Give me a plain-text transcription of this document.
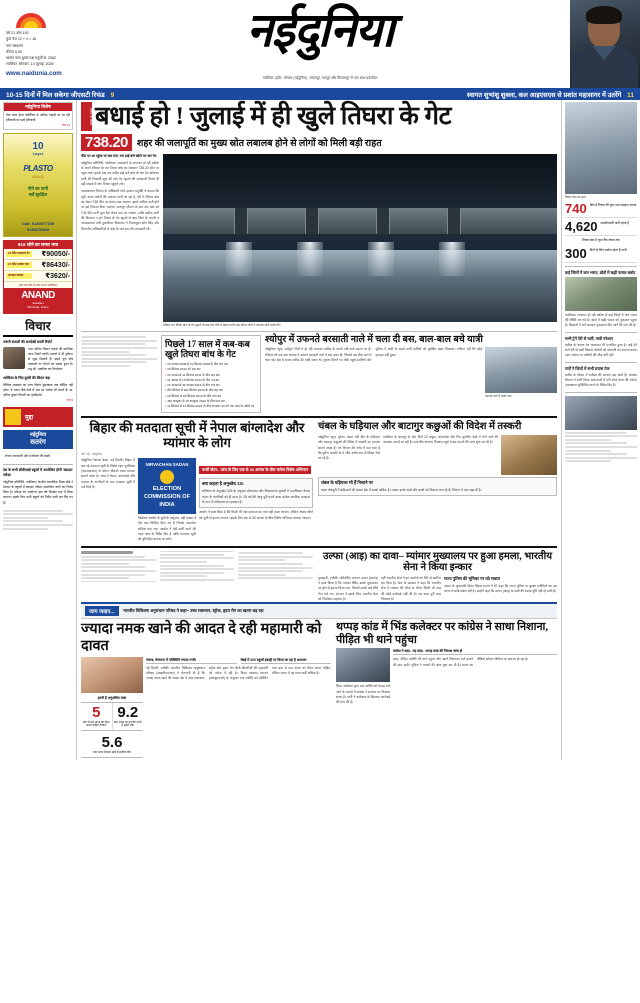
वर्ष 21 अंक 192
कुल पेज 12 + 4 = 16
नगर संस्करण
कीमत 5.00
श्रावण मास शुक्ल पक्ष चतुर्थी सं. 2082
ग्वालियर, सोमवार, 14 जुलाई, 2025
www.naidunia.com
नईदुनिया
ग्वालियर, इंदौर, भोपाल (नईदुनिया), जबलपुर, रायपुर और बिलासपुर से एक साथ प्रकाशित
10-15 दिनों में मिल सकेगा जीएसटी रिफंड 9	स्वागत शुभांशु शुक्ला, कल आइएसएस से प्रशांत महासागर में उतरेंगे 11
नईदुनिया विशेष
गीत कला हेल्थ क्लीनिक से अधिक पहाड़ी पर आ रही हरियाली पर छाई हरियाली
पेज 12
10
Layer
PLASTO
GOLD
पीने का पानी
सर्वे सुरक्षित
Call: 9130077155
9130076942
916 सोने का सच्चा भाव
22 कैरेट साधारण रेट	₹90050/-
22 कैरेट अच्छा भाव	₹86430/-
आपका फायदा	₹3620/-
सभी भाव प्रति 10 ग्राम (GST अतिरिक्त)
ANAND
Jewellers
MG Road, Indore
विचार
जरूरी सवालों की अनदेखी करती रिपोर्ट
एअर इंडिया विमान हादसे की प्रारंभिक जांच रिपोर्ट काफी मायनों में ही दुर्घटना से जुड़ा दिखती है। इसमें पूरा दोष पायलटों पर थोपने का प्रयास हुआ है। प्रभु सी. चावरिया का विश्लेषण
अमेरिका के लिए दूसरी की कीमत बड़ा
वैश्विक व्यवस्था का उत्तर विरोध मुकाबला तक सीमित नहीं होगा। वे भारत जैसे देशों में अब का भरोसा भी घटाते हैं। डा. अनिल कुमार तिवारी का पृथ्वीदर्शन
पेज 6
मुद्दा
नईदुनिया
सतरंग
रोचक जानकारी और मनोरंजन की खबरें
देश के सभी सीबीएसई स्कूलों में आयोजित होगी 'स्काउट' परीक्षा
नईदुनिया प्रतिनिधि, ग्वालियर। केन्द्रीय माध्यमिक शिक्षा बोर्ड ने देशभर के स्कूलों में स्काउट परीक्षा आयोजित करने का निर्णय लिया है। परीक्षा का आयोजन इस वर्ष सितंबर माह में किया जाएगा। इसके लिए सभी स्कूलों को निर्देश जारी कर दिए गए हैं।
तिघरा पर विशेष बधाई हो ! जुलाई में ही खुले तिघरा के गेट
738.20 शहर की जलापूर्ति का मुख्य स्रोत लबालब होने से लोगों को मिली बड़ी राहत
फीट पर आ पहुंचा था जल स्तर, रात ढाई बजे खोले गए चार गेट

नईदुनिया प्रतिनिधि, ग्वालियर। जलाशयों के लगातार हो रही बारिश के चलते रविवार देर रात तिघरा बांध का जलस्तर 738.20 फीट पर पहुंच गया। इसके बाद रात करीब ढाई बजे बांध के चार गेट खोलकर पानी की निकासी शुरू की गई। गेट खुलने की जानकारी मिलते ही बड़ी संख्या में लोग तिघरा पहुंचने लगे।

जलसंसाधन विभाग के अधिकारी गोले हालात चतुर्वेदी ने बताया कि भूमि अपार कमेटी की लगातार पानी आ रहा है, ऐसे में रविवार बांध का लेवल 738 फीट पर बनाए रखा जाएगा। इससे अधिक पानी होने पर इसे निकाल दिया जाएगा। मानसून सीजन के अंत तक बांध को 742 फीट पानी फुल टैंक लेवल तक भर जाएगा, ताकि खरीफ पानी की किल्लत न हो। तिघरा के गेट खुलने के बाद जिले के प्रभारी व जलसंसाधन मंत्री तुलसीराम सिलावट ने तिघराकुल सोन सिंह और विभागीय अधिकारियों से बांध के जल स्तर की जानकारी ली।

रविवार रात तिघरा बांध के गेट खुलने के बाद तेज गति से बहता पानी। इस दौरान लोगों ने जमकर मौज मस्ती की।
पिछले 17 साल में कब-कब खुले तिघरा बांध के गेट
▪ 15 अगस्त 2008 से 21 सितंबर 2008 के बीच चार बार
▪ 23 सितंबर 2010 को एक बार
▪ 15 अगस्त से 11 सितंबर 2011 के बीच छह बार
▪ 11 अगस्त से 15 सितंबर 2012 के बीच 14 बार
▪ 23 अगस्त से 30 अगस्त 2019 के बीच चार बार
▪ तीन सितंबर से सात सितंबर 2019 के बीच छह बार
▪ 22 सितंबर से 29 सितंबर 2019 के बीच पांच बार
▪ आठ अक्टूबर से 15 अक्टूबर 2022 के बीच पांच बार
▪ 11 सितंबर से 13 सितंबर 2024 के बीच लगातार 33 घंटे तक चला गेट खोले गए
श्योपुर में उफनते बरसाती नाले में चला दी बस, बाल-बाल बचे यात्री
नईदुनिया न्यूज, श्योपुर। जिले में हो रही लगातार बारिश के चलते नदी-नाले उफान पर हैं। रविवार को एक बस चालक ने उफनते बरसाती नाले में बस उतार दी, जिससे बस बीच नाले में फंस गई। बस में सवार करीब 30 यात्री सवार थे। सूचना मिलने पर मौके पहुंचे ग्रामीणों और पुलिस ने रस्सी के सहारे सभी यात्रियों को सुरक्षित बाहर निकाला। गनीमत रही कि कोई हताहत नहीं हुआ।
उफनते नाले में फंसी बस।
बिहार की मतदाता सूची में नेपाल बांग्लादेश और म्यांमार के लोग
और पढ़ें • नईदुनिया
नईदुनिया नेशनल डेस्क, नई दिल्ली। बिहार में चल रहे मतदाता सूची के विशेष गहन पुनरीक्षण (एसआइआर) के दौरान चौंकाने वाला मामला सामने आया है। जांच में नेपाल, बांग्लादेश और म्यांमार के नागरिकों के नाम मतदाता सूची में दर्ज मिले हैं।
NIRVACHAN SADAN
ELECTION COMMISSION OF INDIA
निर्वाचन आयोग के सूत्रों के अनुसार, बड़ी संख्या में ऐसे नाम चिन्हित किए गए हैं जिनके दस्तावेज संदिग्ध पाए गए। आयोग ने ऐसे सभी नामों की गहन जांच के निर्देश दिए हैं ताकि मतदाता सूची को त्रुटिरहित बनाया जा सके।
फर्जी वोटर– जांच के लिए एक से 30 अगस्त के बीच चलेगा विशेष अभियान
क्या कहता है अनुच्छेद 326
संविधान के अनुच्छेद 326 के अनुसार लोकसभा और विधानसभा चुनावों में मताधिकार केवल भारत के नागरिकों को ही प्राप्त है। 18 वर्ष की आयु पूरी करने वाला प्रत्येक नागरिक मतदाता के रूप में पंजीकरण का हकदार है।
आयोग ने स्पष्ट किया है कि किसी भी पात्र मतदाता का नाम नहीं काटा जाएगा, लेकिन अपात्र लोगों को सूची से हटाया जाएगा। इसके लिए एक से 30 अगस्त के बीच विशेष अभियान चलाया जाएगा।
चंबल के घड़ियाल और बाटागुर कछुओं की विदेश में तस्करी
नईदुनिया न्यूज, मुरैना। चंबल नदी क्षेत्र के घड़ियाल और बाटागुर कछुओं की विदेश में तस्करी का मामला सामने आया है। वन विभाग की जांच में पता चला है कि दुर्लभ प्रजाति के ये जीव अवैध रूप से विदेश भेजे जा रहे हैं।
ग्वालियर के बाटागुर से और मिले 22 कछुए, बांग्लादेश और फिर यूरोपीय देशों में भेजे जाने की आशंका जताई जा रही है। वन्यजीव अपराध नियंत्रण ब्यूरो ने इस मामले की जांच शुरू कर दी है।
चंबल के घड़ियाल भी हैं निशाने पर
चंबल सेंक्चुरी में घड़ियालों की संख्या देश में सबसे अधिक है। तस्कर इनके अंडों और बच्चों को निशाना बना रहे हैं। विभाग ने गश्त बढ़ा दी है।
उल्फा (आइ) का दावा– म्यांमार मुख्यालय पर हुआ हमला, भारतीय सेना ने किया इन्कार
गुवाहाटी, एजेंसी। प्रतिबंधित संगठन उल्फा (स्वतंत्र) ने दावा किया है कि म्यांमार स्थित उसके मुख्यालय पर ड्रोन से हमला किया गया, जिसमें उसके कई शीर्ष नेता मारे गए। संगठन ने इसके लिए भारतीय सेना को जिम्मेदार ठहराया है।
वहीं भारतीय सेना ने इन आरोपों को सिरे से खारिज कर दिया है। सेना के प्रवक्ता ने कहा कि भारतीय सेना ने म्यांमार की सीमा के भीतर किसी भी तरह की कोई कार्रवाई नहीं की है। यह दावा पूरी तरह निराधार है।
राज्य पुलिस की भूमिका पर उठे सवाल
असम के मुख्यमंत्री हिमंत बिस्वा सरमा ने भी कहा कि राज्य पुलिस या सुरक्षा एजेंसियों का इस घटना से कोई संबंध नहीं है। उन्होंने कहा कि उल्फा (आइ) के दावों की स्वतंत्र पुष्टि नहीं हो सकी है।
जाग जाइए...	भारतीय चिकित्सा अनुसंधान परिषद ने कहा– उच्च रक्तचाप, स्ट्रोक, हृदय रोग का खतरा बढ़ रहा
ज्यादा नमक खाने की आदत दे रही महामारी को दावत
इतनी है अनुशंसित मात्रा
5
ग्राम से कम नमक का सेवन करना चाहिए रोजाना
9.2
ग्राम नमक का उपभोग करते हैं शहरी लोग
5.6
ग्राम नमक रोजाना खाते हैं ग्रामीण लोग
पंजाब, तेलंगाना में परिस्थिति ज्यादा गंभीर	चेन्नई में 300 स्कूलों इंडस्ट्री पर किया जा रहा है अध्ययन
नई दिल्ली, एजेंसी। भारतीय चिकित्सा अनुसंधान परिषद (आइसीएमआर) ने चेतावनी दी है कि ज्यादा नमक खाने की आदत देश में उच्च रक्तचाप, स्ट्रोक और हृदय रोग जैसी बीमारियों की महामारी को न्योता दे रही है। विश्व स्वास्थ्य संगठन (डब्ल्यूएचओ) के अनुसार एक व्यक्ति को प्रतिदिन पांच ग्राम से कम नमक का सेवन करना चाहिए, लेकिन भारत में यह मात्रा कहीं अधिक है।
थप्पड़ कांड में भिंड कलेक्टर पर कांग्रेस ने साधा निशाना, पीड़ित भी थाने पहुंचा
भिंड। कलेक्टर द्वारा एक व्यक्ति को थप्पड़ मारे जाने के मामले में कांग्रेस ने सरकार पर निशाना साधा है। पार्टी ने कलेक्टर के खिलाफ कार्रवाई की मांग की है।
कांग्रेस ने कहा– यह कहा– थप्पड़ कांड की निष्पक्ष जांच हो
उधर, पीड़ित व्यक्ति भी थाने पहुंचा और उसने शिकायत दर्ज कराने की बात कही। पुलिस ने मामले की जांच शुरू कर दी है। घटना का वीडियो सोशल मीडिया पर वायरल हो रहा है।
तिघरा बांध का दृश्य
740 फीट है तिघरा की कुल जल संग्रहण क्षमता
4,620 एमसीएफटी पानी रहता है
तिघरा बांध में फुल टैंक लेवल तक
300 दिनों के लिए पर्याप्त होता है पानी
कई जिलों में जल भराव, खेतों में खड़ी फसल बर्बाद
ग्वालियर। लगातार हो रही बारिश से कई जिलों में जल भराव की स्थिति बन गई है। खेतों में खड़ी फसल को नुकसान पहुंचा है। किसानों ने सर्वे कराकर मुआवजा दिए जाने की मांग की है।
सभी ट्रेनें देरी से चलीं, यात्री परेशान
बारिश के कारण रेल यातायात भी प्रभावित हुआ है। कई ट्रेनें घंटों देरी से चलीं जिससे यात्रियों को परेशानी का सामना करना पड़ा। स्टेशन पर यात्रियों की भीड़ लगी रही।
सर्पों ने जिलों में सभी प्रयास तेज
बारिश के मौसम में सर्पदंश की घटनाएं बढ़ जाती हैं। स्वास्थ्य विभाग ने सभी जिला अस्पतालों में एंटी स्नेक वेनम की पर्याप्त उपलब्धता सुनिश्चित करने के निर्देश दिए हैं।
